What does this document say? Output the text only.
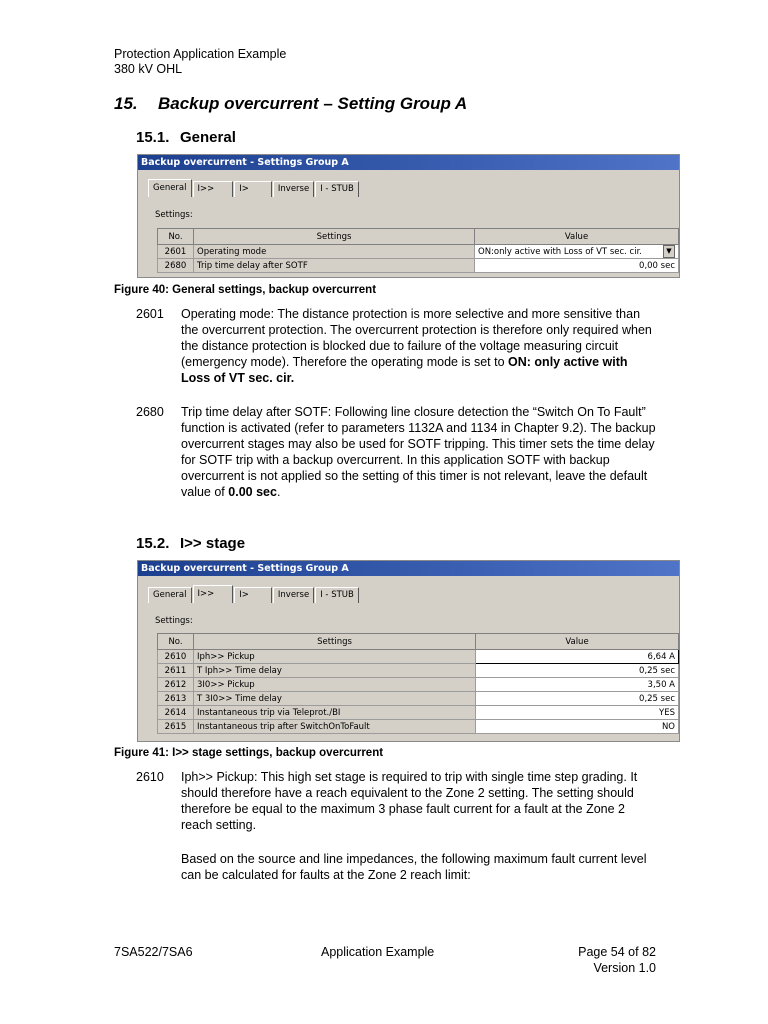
Protection Application Example
380 kV OHL
15. Backup overcurrent – Setting Group A
15.1. General
Backup overcurrent - Settings Group A
General	I>>	I>	Inverse	I - STUB
Settings:
No.	Settings	Value
2601	Operating mode	ON:only active with Loss of VT sec. cir. ▼

2680	Trip time delay after SOTF	0,00 sec
Figure 40: General settings, backup overcurrent
2601 Operating mode: The distance protection is more selective and more sensitive than the overcurrent protection. The overcurrent protection is therefore only required when the distance protection is blocked due to failure of the voltage measuring circuit (emergency mode). Therefore the operating mode is set to ON: only active with Loss of VT sec. cir.
2680 Trip time delay after SOTF: Following line closure detection the “Switch On To Fault” function is activated (refer to parameters 1132A and 1134 in Chapter 9.2). The backup overcurrent stages may also be used for SOTF tripping. This timer sets the time delay for SOTF trip with a backup overcurrent. In this application SOTF with backup overcurrent is not applied so the setting of this timer is not relevant, leave the default value of 0.00 sec.
15.2. I>> stage
Backup overcurrent - Settings Group A
General	I>>	I>	Inverse	I - STUB
Settings:
No.	Settings	Value
2610	Iph>> Pickup	6,64 A
2611	T Iph>> Time delay	0,25 sec
2612	3I0>> Pickup	3,50 A
2613	T 3I0>> Time delay	0,25 sec
2614	Instantaneous trip via Teleprot./BI	YES
2615	Instantaneous trip after SwitchOnToFault	NO
Figure 41: I>> stage settings, backup overcurrent
2610 Iph>> Pickup: This high set stage is required to trip with single time step grading. It should therefore have a reach equivalent to the Zone 2 setting. The setting should therefore be equal to the maximum 3 phase fault current for a fault at the Zone 2 reach setting.
Based on the source and line impedances, the following maximum fault current level can be calculated for faults at the Zone 2 reach limit:
7SA522/7SA6	Application Example	Page 54 of 82
Version 1.0
